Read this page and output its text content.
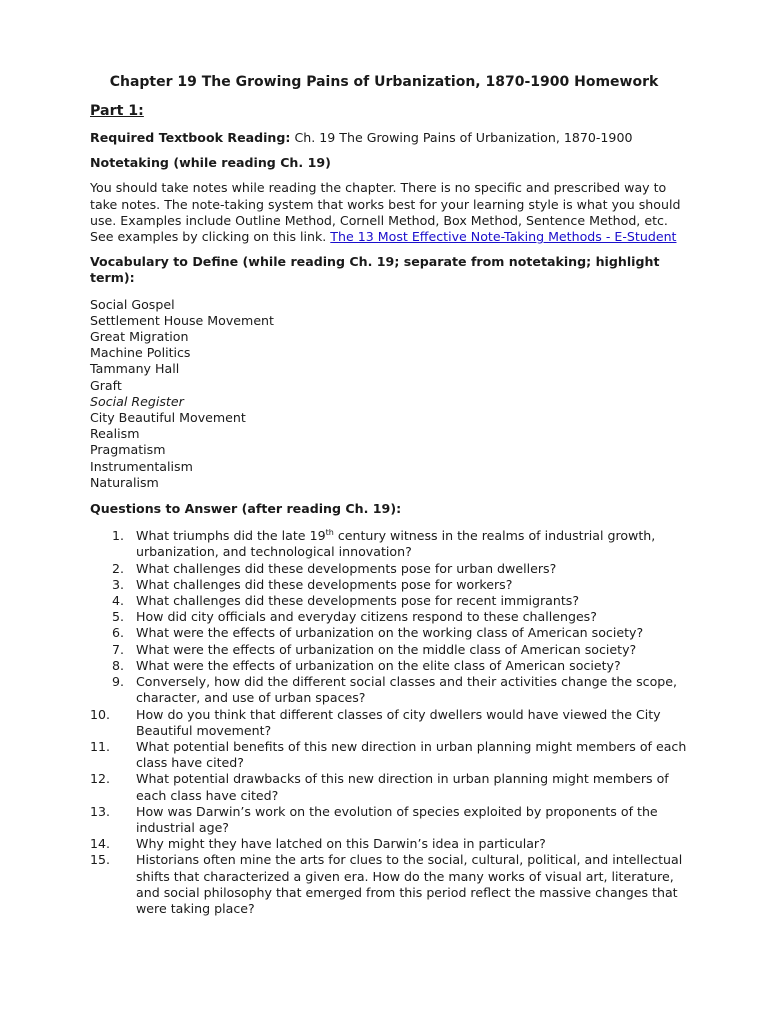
Chapter 19 The Growing Pains of Urbanization, 1870-1900 Homework
Part 1:
Required Textbook Reading: Ch. 19 The Growing Pains of Urbanization, 1870-1900
Notetaking (while reading Ch. 19)
You should take notes while reading the chapter. There is no specific and prescribed way to take notes. The note-taking system that works best for your learning style is what you should use. Examples include Outline Method, Cornell Method, Box Method, Sentence Method, etc. See examples by clicking on this link. The 13 Most Effective Note-Taking Methods - E-Student
Vocabulary to Define (while reading Ch. 19; separate from notetaking; highlight term):
Social Gospel
Settlement House Movement
Great Migration
Machine Politics
Tammany Hall
Graft
Social Register
City Beautiful Movement
Realism
Pragmatism
Instrumentalism
Naturalism
Questions to Answer (after reading Ch. 19):
1. What triumphs did the late 19th century witness in the realms of industrial growth, urbanization, and technological innovation?
2. What challenges did these developments pose for urban dwellers?
3. What challenges did these developments pose for workers?
4. What challenges did these developments pose for recent immigrants?
5. How did city officials and everyday citizens respond to these challenges?
6. What were the effects of urbanization on the working class of American society?
7. What were the effects of urbanization on the middle class of American society?
8. What were the effects of urbanization on the elite class of American society?
9. Conversely, how did the different social classes and their activities change the scope, character, and use of urban spaces?
10. How do you think that different classes of city dwellers would have viewed the City Beautiful movement?
11. What potential benefits of this new direction in urban planning might members of each class have cited?
12. What potential drawbacks of this new direction in urban planning might members of each class have cited?
13. How was Darwin’s work on the evolution of species exploited by proponents of the industrial age?
14. Why might they have latched on this Darwin’s idea in particular?
15. Historians often mine the arts for clues to the social, cultural, political, and intellectual shifts that characterized a given era. How do the many works of visual art, literature, and social philosophy that emerged from this period reflect the massive changes that were taking place?
